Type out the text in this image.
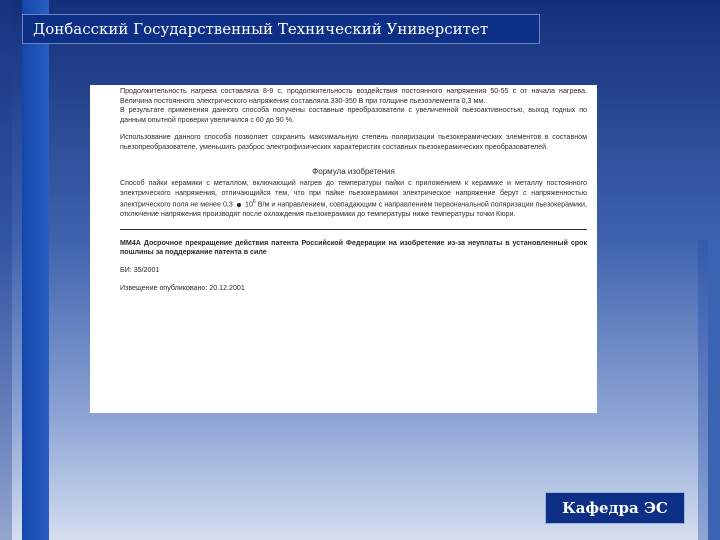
Донбасский Государственный Технический Университет

Продолжительность нагрева составляла 8-9 с, продолжительность воздействия постоянного напряжения 50-55 с от начала нагрева. Величина постоянного электрического напряжения составляла 330-350 В при толщине пьезоэлемента 0,3 мм.

В результате применения данного способа получены составные преобразователи с увеличенной пьезоактивностью, выход годных по данным опытной проверки увеличился с 60 до 90 %.

Использование данного способа позволяет сохранить максимальную степень поляризации пьезокерамических элементов в составном пьезопреобразователе, уменьшить разброс электрофизических характеристик составных пьезокерамических преобразователей.

Формула изобретения

Способ пайки керамики с металлом, включающий нагрев до температуры пайки с приложением к керамике и металлу постоянного электрического напряжения, отличающийся тем, что при пайке пьезокерамики электрическое напряжение берут с напряженностью электрического поля не менее 0,3 $10^6$ В/м и направлением, совпадающим с направлением первоначальной поляризации пьезокерамики, отключение напряжения производят после охлаждения пьезокерамики до температуры ниже температуры точки Кюри.

MM4A Досрочное прекращение действия патента Российской Федерации на изобретение из-за неуплаты в установленный срок пошлины за поддержание патента в силе

БИ: 35/2001

Извещение опубликовано: 20.12.2001

Кафедра ЭС
